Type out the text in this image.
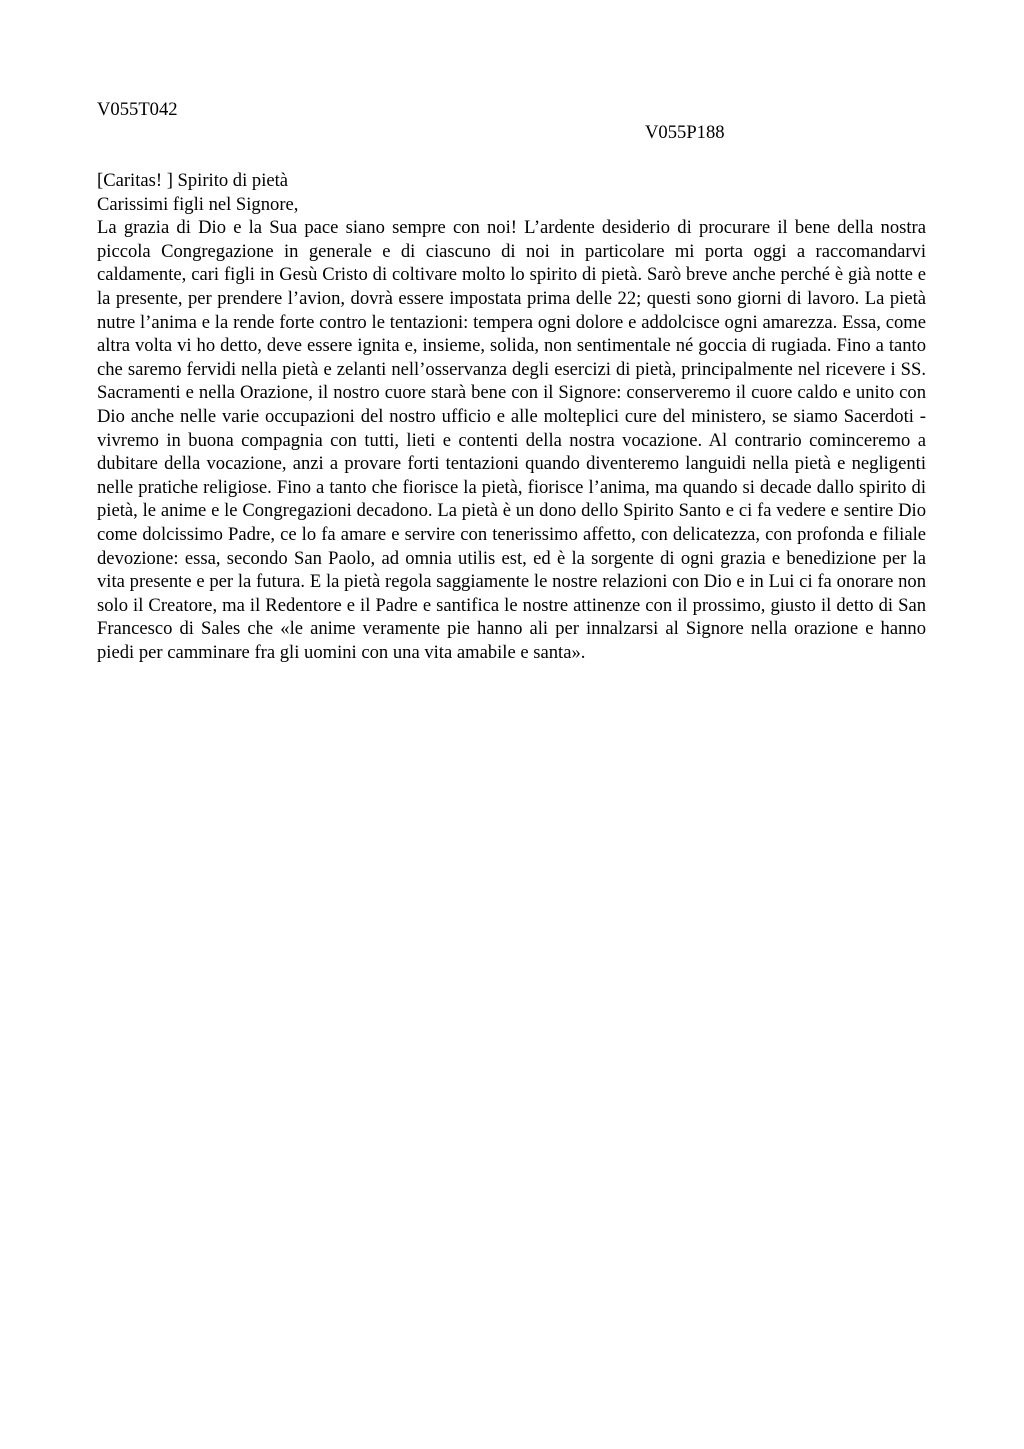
V055T042

V055P188

[Caritas! ] Spirito di pietà

Carissimi figli nel Signore,

La grazia di Dio e la Sua pace siano sempre con noi! L’ardente desiderio di procurare il bene della nostra piccola Congregazione in generale e di ciascuno di noi in particolare mi porta oggi a raccomandarvi caldamente, cari figli in Gesù Cristo di coltivare molto lo spirito di pietà. Sarò breve anche perché è già notte e la presente, per prendere l’avion, dovrà essere impostata prima delle 22; questi sono giorni di lavoro. La pietà nutre l’anima e la rende forte contro le tentazioni: tempera ogni dolore e addolcisce ogni amarezza. Essa, come altra volta vi ho detto, deve essere ignita e, insieme, solida, non sentimentale né goccia di rugiada. Fino a tanto che saremo fervidi nella pietà e zelanti nell’osservanza degli esercizi di pietà, principalmente nel ricevere i SS. Sacramenti e nella Orazione, il nostro cuore starà bene con il Signore: conserveremo il cuore caldo e unito con Dio anche nelle varie occupazioni del nostro ufficio e alle molteplici cure del ministero, se siamo Sacerdoti - vivremo in buona compagnia con tutti, lieti e contenti della nostra vocazione. Al contrario cominceremo a dubitare della vocazione, anzi a provare forti tentazioni quando diventeremo languidi nella pietà e negligenti nelle pratiche religiose. Fino a tanto che fiorisce la pietà, fiorisce l’anima, ma quando si decade dallo spirito di pietà, le anime e le Congregazioni decadono. La pietà è un dono dello Spirito Santo e ci fa vedere e sentire Dio come dolcissimo Padre, ce lo fa amare e servire con tenerissimo affetto, con delicatezza, con profonda e filiale devozione: essa, secondo San Paolo, ad omnia utilis est, ed è la sorgente di ogni grazia e benedizione per la vita presente e per la futura. E la pietà regola saggiamente le nostre relazioni con Dio e in Lui ci fa onorare non solo il Creatore, ma il Redentore e il Padre e santifica le nostre attinenze con il prossimo, giusto il detto di San Francesco di Sales che «le anime veramente pie hanno ali per innalzarsi al Signore nella orazione e hanno piedi per camminare fra gli uomini con una vita amabile e santa».
